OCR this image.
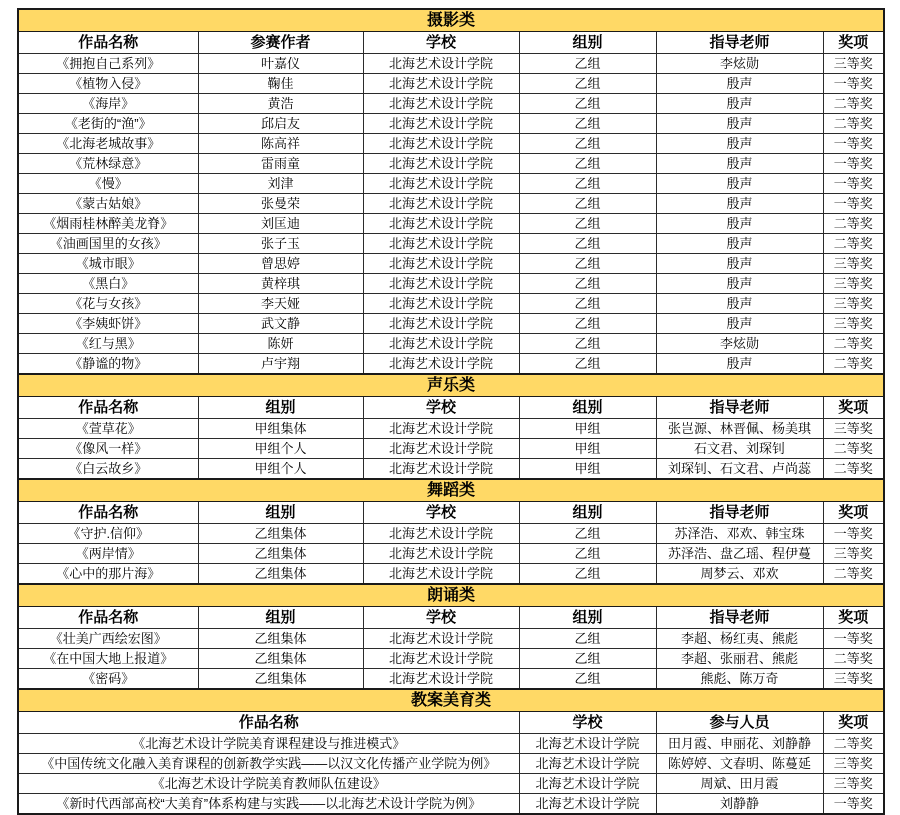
摄影类					
作品名称	参赛作者	学校	组别	指导老师	奖项
《拥抱自己系列》	叶嘉仪	北海艺术设计学院	乙组	李炫勋	三等奖
《植物入侵》	鞠佳	北海艺术设计学院	乙组	殷声	一等奖
《海岸》	黄浩	北海艺术设计学院	乙组	殷声	二等奖
《老街的“渔”》	邱启友	北海艺术设计学院	乙组	殷声	二等奖
《北海老城故事》	陈高祥	北海艺术设计学院	乙组	殷声	一等奖
《荒林绿意》	雷雨童	北海艺术设计学院	乙组	殷声	一等奖
《慢》	刘津	北海艺术设计学院	乙组	殷声	一等奖
《蒙古姑娘》	张曼荣	北海艺术设计学院	乙组	殷声	一等奖
《烟雨桂林醉美龙脊》	刘匡迪	北海艺术设计学院	乙组	殷声	二等奖
《油画国里的女孩》	张子玉	北海艺术设计学院	乙组	殷声	二等奖
《城市眼》	曾思婷	北海艺术设计学院	乙组	殷声	三等奖
《黑白》	黄梓琪	北海艺术设计学院	乙组	殷声	三等奖
《花与女孩》	李天娅	北海艺术设计学院	乙组	殷声	三等奖
《李姨虾饼》	武文静	北海艺术设计学院	乙组	殷声	三等奖
《红与黑》	陈妍	北海艺术设计学院	乙组	李炫勋	二等奖
《静谧的物》	卢宇翔	北海艺术设计学院	乙组	殷声	二等奖
声乐类					
作品名称	组别	学校	组别	指导老师	奖项
《萱草花》	甲组集体	北海艺术设计学院	甲组	张岂源、林晋佩、杨美琪	三等奖
《像风一样》	甲组个人	北海艺术设计学院	甲组	石文君、刘琛钊	二等奖
《白云故乡》	甲组个人	北海艺术设计学院	甲组	刘琛钊、石文君、卢尚蕊	二等奖
舞蹈类					
作品名称	组别	学校	组别	指导老师	奖项
《守护.信仰》	乙组集体	北海艺术设计学院	乙组	苏泽浩、邓欢、韩宝珠	一等奖
《两岸情》	乙组集体	北海艺术设计学院	乙组	苏泽浩、盘乙瑶、程伊蔓	三等奖
《心中的那片海》	乙组集体	北海艺术设计学院	乙组	周梦云、邓欢	二等奖
朗诵类					
作品名称	组别	学校	组别	指导老师	奖项
《壮美广西绘宏图》	乙组集体	北海艺术设计学院	乙组	李超、杨红夷、熊彪	一等奖
《在中国大地上报道》	乙组集体	北海艺术设计学院	乙组	李超、张丽君、熊彪	二等奖
《密码》	乙组集体	北海艺术设计学院	乙组	熊彪、陈万奇	三等奖
教案美育类					
作品名称			学校	参与人员	奖项
《北海艺术设计学院美育课程建设与推进模式》			北海艺术设计学院	田月霞、申丽花、刘静静	二等奖
《中国传统文化融入美育课程的创新教学实践——以汉文化传播产业学院为例》			北海艺术设计学院	陈婷婷、文春明、陈蔓延	三等奖
《北海艺术设计学院美育教师队伍建设》			北海艺术设计学院	周斌、田月霞	三等奖
《新时代西部高校“大美育”体系构建与实践——以北海艺术设计学院为例》			北海艺术设计学院	刘静静	一等奖
